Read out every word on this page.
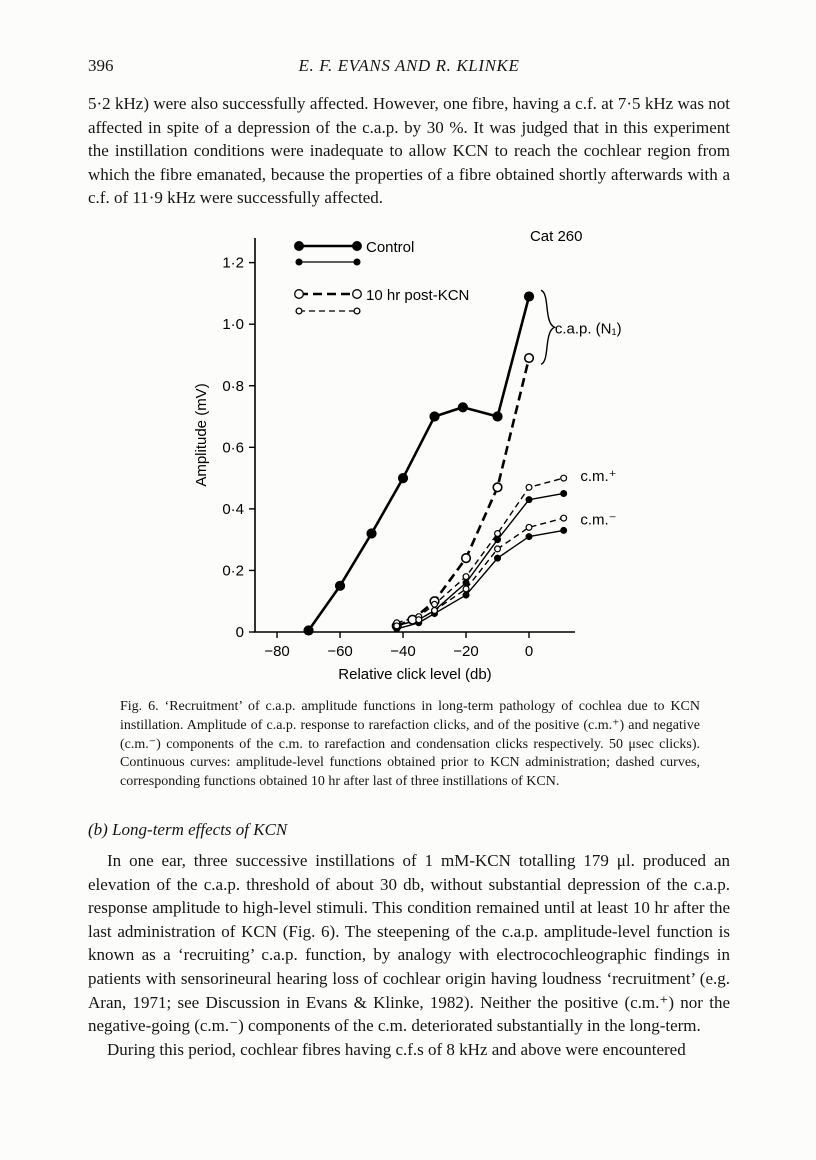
396	E. F. EVANS AND R. KLINKE

5·2 kHz) were also successfully affected. However, one fibre, having a c.f. at 7·5 kHz was not affected in spite of a depression of the c.a.p. by 30 %. It was judged that in this experiment the instillation conditions were inadequate to allow KCN to reach the cochlear region from which the fibre emanated, because the properties of a fibre obtained shortly afterwards with a c.f. of 11·9 kHz were successfully affected.

−80	−60	−40	−20	0
0
0·2
0·4
0·6
0·8
1·0
1·2
Relative click level (db)
Amplitude (mV)
Control
10 hr post-KCN
Cat 260
c.a.p. (N₁)
c.m.⁺
c.m.⁻
Fig. 6. ‘Recruitment’ of c.a.p. amplitude functions in long-term pathology of cochlea due to KCN instillation. Amplitude of c.a.p. response to rarefaction clicks, and of the positive (c.m.⁺) and negative (c.m.⁻) components of the c.m. to rarefaction and condensation clicks respectively. 50 μsec clicks). Continuous curves: amplitude-level functions obtained prior to KCN administration; dashed curves, corresponding functions obtained 10 hr after last of three instillations of KCN.
(b) Long-term effects of KCN

In one ear, three successive instillations of 1 mM-KCN totalling 179 μl. produced an elevation of the c.a.p. threshold of about 30 db, without substantial depression of the c.a.p. response amplitude to high-level stimuli. This condition remained until at least 10 hr after the last administration of KCN (Fig. 6). The steepening of the c.a.p. amplitude-level function is known as a ‘recruiting’ c.a.p. function, by analogy with electrocochleographic findings in patients with sensorineural hearing loss of cochlear origin having loudness ‘recruitment’ (e.g. Aran, 1971; see Discussion in Evans & Klinke, 1982). Neither the positive (c.m.⁺) nor the negative-going (c.m.⁻) components of the c.m. deteriorated substantially in the long-term.

During this period, cochlear fibres having c.f.s of 8 kHz and above were encountered
